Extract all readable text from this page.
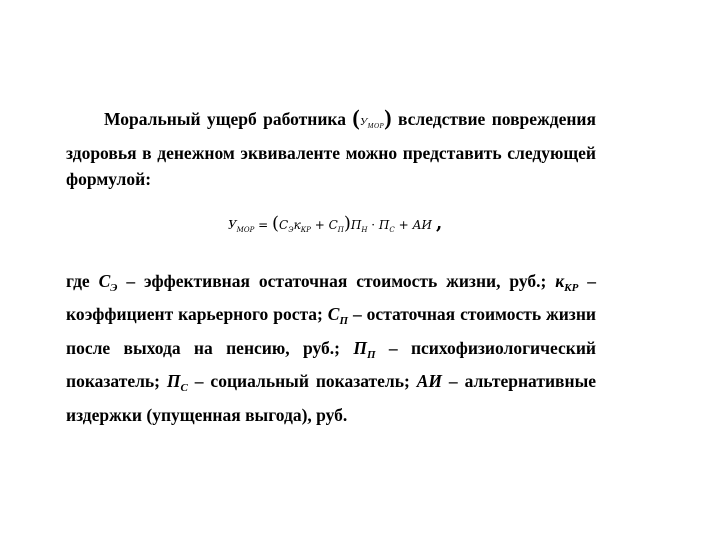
Моральный ущерб работника $(У_{МОР})$ вследствие повреждения здоровья в денежном эквиваленте можно представить следующей формулой:
$У_{МОР} = (С_Эк_{КР} + С_П)П_Н \cdot П_С$ + АИ ,
где $С_Э$ – эффективная остаточная стоимость жизни, руб.; $к_{КР}$ – коэффициент карьерного роста; $С_П$ – остаточная стоимость жизни после выхода на пенсию, руб.; $П_П$ – психофизиологический показатель; $П_С$ – социальный показатель; АИ – альтернативные издержки (упущенная выгода), руб.
